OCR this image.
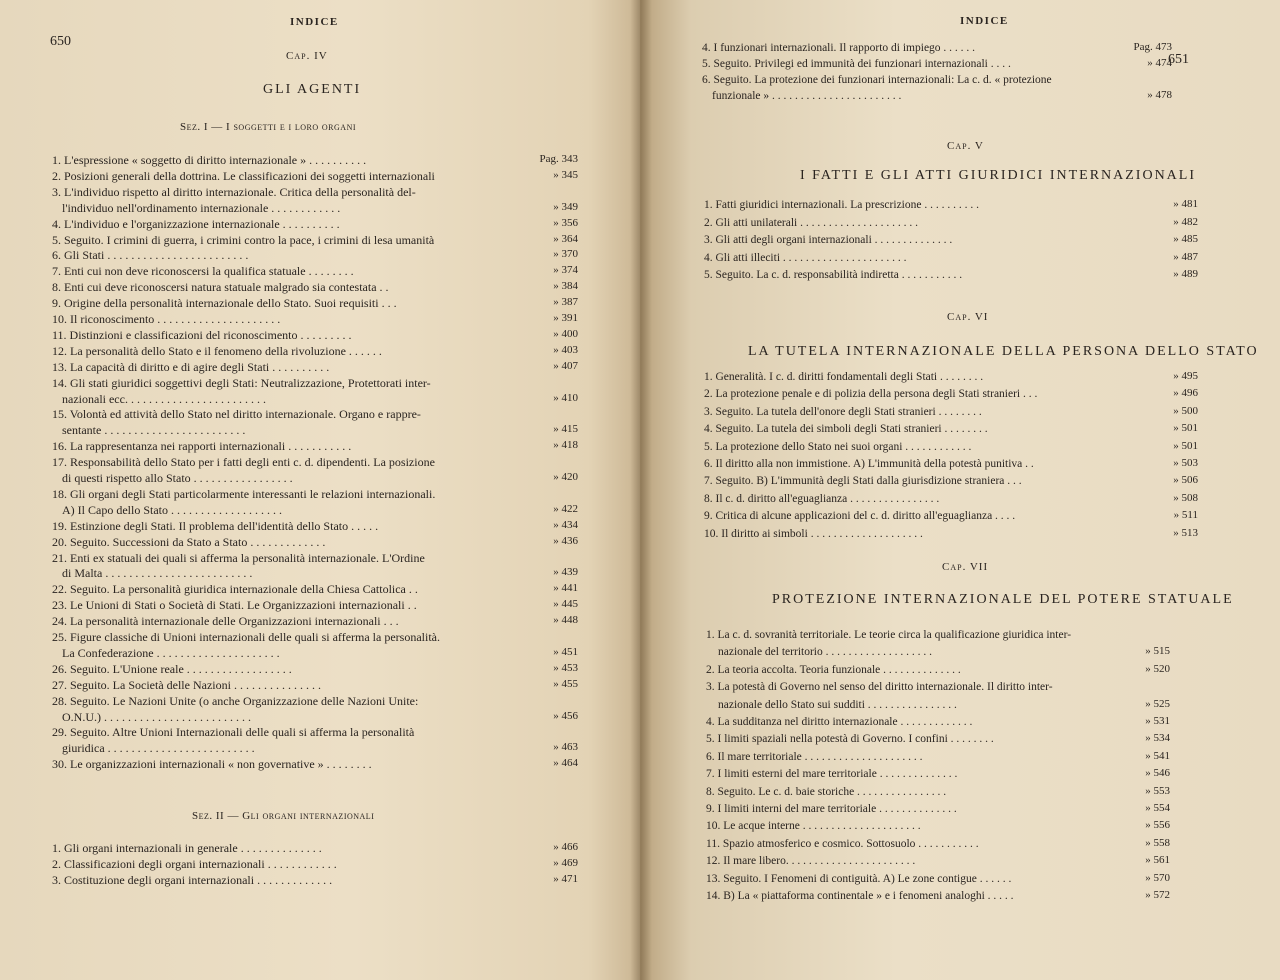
INDICE
650
Cap. IV
GLI AGENTI
Sez. I — I soggetti e i loro organi
1. L'espressione « soggetto di diritto internazionale » . . . . . . . . . .	Pag. 343
2. Posizioni generali della dottrina. Le classificazioni dei soggetti internazionali	» 345
3. L'individuo rispetto al diritto internazionale. Critica della personalità del-
l'individuo nell'ordinamento internazionale . . . . . . . . . . . .	» 349
4. L'individuo e l'organizzazione internazionale . . . . . . . . . .	» 356
5. Seguito. I crimini di guerra, i crimini contro la pace, i crimini di lesa umanità	» 364
6. Gli Stati . . . . . . . . . . . . . . . . . . . . . . . .	» 370
7. Enti cui non deve riconoscersi la qualifica statuale . . . . . . . .	» 374
8. Enti cui deve riconoscersi natura statuale malgrado sia contestata . .	» 384
9. Origine della personalità internazionale dello Stato. Suoi requisiti . . .	» 387
10. Il riconoscimento . . . . . . . . . . . . . . . . . . . . .	» 391
11. Distinzioni e classificazioni del riconoscimento . . . . . . . . .	» 400
12. La personalità dello Stato e il fenomeno della rivoluzione . . . . . .	» 403
13. La capacità di diritto e di agire degli Stati . . . . . . . . . .	» 407
14. Gli stati giuridici soggettivi degli Stati: Neutralizzazione, Protettorati inter-
nazionali ecc. . . . . . . . . . . . . . . . . . . . . . . .	» 410
15. Volontà ed attività dello Stato nel diritto internazionale. Organo e rappre-
sentante . . . . . . . . . . . . . . . . . . . . . . . .	» 415
16. La rappresentanza nei rapporti internazionali . . . . . . . . . . .	» 418
17. Responsabilità dello Stato per i fatti degli enti c. d. dipendenti. La posizione
di questi rispetto allo Stato . . . . . . . . . . . . . . . . .	» 420
18. Gli organi degli Stati particolarmente interessanti le relazioni internazionali.
A) Il Capo dello Stato . . . . . . . . . . . . . . . . . . .	» 422
19. Estinzione degli Stati. Il problema dell'identità dello Stato . . . . .	» 434
20. Seguito. Successioni da Stato a Stato . . . . . . . . . . . . .	» 436
21. Enti ex statuali dei quali si afferma la personalità internazionale. L'Ordine
di Malta . . . . . . . . . . . . . . . . . . . . . . . . .	» 439
22. Seguito. La personalità giuridica internazionale della Chiesa Cattolica . .	» 441
23. Le Unioni di Stati o Società di Stati. Le Organizzazioni internazionali . .	» 445
24. La personalità internazionale delle Organizzazioni internazionali . . .	» 448
25. Figure classiche di Unioni internazionali delle quali si afferma la personalità.
La Confederazione . . . . . . . . . . . . . . . . . . . . .	» 451
26. Seguito. L'Unione reale . . . . . . . . . . . . . . . . . .	» 453
27. Seguito. La Società delle Nazioni . . . . . . . . . . . . . . .	» 455
28. Seguito. Le Nazioni Unite (o anche Organizzazione delle Nazioni Unite:
O.N.U.) . . . . . . . . . . . . . . . . . . . . . . . . .	» 456
29. Seguito. Altre Unioni Internazionali delle quali si afferma la personalità
giuridica . . . . . . . . . . . . . . . . . . . . . . . . .	» 463
30. Le organizzazioni internazionali « non governative » . . . . . . . .	» 464
Sez. II — Gli organi internazionali
1. Gli organi internazionali in generale . . . . . . . . . . . . . .	» 466
2. Classificazioni degli organi internazionali . . . . . . . . . . . .	» 469
3. Costituzione degli organi internazionali . . . . . . . . . . . . .	» 471
INDICE
651
4. I funzionari internazionali. Il rapporto di impiego . . . . . .	Pag. 473
5. Seguito. Privilegi ed immunità dei funzionari internazionali . . . .	» 474
6. Seguito. La protezione dei funzionari internazionali: La c. d. « protezione
funzionale » . . . . . . . . . . . . . . . . . . . . . . .	» 478
Cap. V
I FATTI E GLI ATTI GIURIDICI INTERNAZIONALI
1. Fatti giuridici internazionali. La prescrizione . . . . . . . . . .	» 481
2. Gli atti unilaterali . . . . . . . . . . . . . . . . . . . . .	» 482
3. Gli atti degli organi internazionali . . . . . . . . . . . . . .	» 485
4. Gli atti illeciti . . . . . . . . . . . . . . . . . . . . . .	» 487
5. Seguito. La c. d. responsabilità indiretta . . . . . . . . . . .	» 489
Cap. VI
LA TUTELA INTERNAZIONALE DELLA PERSONA DELLO STATO
1. Generalità. I c. d. diritti fondamentali degli Stati . . . . . . . .	» 495
2. La protezione penale e di polizia della persona degli Stati stranieri . . .	» 496
3. Seguito. La tutela dell'onore degli Stati stranieri . . . . . . . .	» 500
4. Seguito. La tutela dei simboli degli Stati stranieri . . . . . . . .	» 501
5. La protezione dello Stato nei suoi organi . . . . . . . . . . . .	» 501
6. Il diritto alla non immistione. A) L'immunità della potestà punitiva . .	» 503
7. Seguito. B) L'immunità degli Stati dalla giurisdizione straniera . . .	» 506
8. Il c. d. diritto all'eguaglianza . . . . . . . . . . . . . . . .	» 508
9. Critica di alcune applicazioni del c. d. diritto all'eguaglianza . . . .	» 511
10. Il diritto ai simboli . . . . . . . . . . . . . . . . . . . .	» 513
Cap. VII
PROTEZIONE INTERNAZIONALE DEL POTERE STATUALE
1. La c. d. sovranità territoriale. Le teorie circa la qualificazione giuridica inter-
nazionale del territorio . . . . . . . . . . . . . . . . . . .	» 515
2. La teoria accolta. Teoria funzionale . . . . . . . . . . . . . .	» 520
3. La potestà di Governo nel senso del diritto internazionale. Il diritto inter-
nazionale dello Stato sui sudditi . . . . . . . . . . . . . . . .	» 525
4. La sudditanza nel diritto internazionale . . . . . . . . . . . . .	» 531
5. I limiti spaziali nella potestà di Governo. I confini . . . . . . . .	» 534
6. Il mare territoriale . . . . . . . . . . . . . . . . . . . . .	» 541
7. I limiti esterni del mare territoriale . . . . . . . . . . . . . .	» 546
8. Seguito. Le c. d. baie storiche . . . . . . . . . . . . . . . .	» 553
9. I limiti interni del mare territoriale . . . . . . . . . . . . . .	» 554
10. Le acque interne . . . . . . . . . . . . . . . . . . . . .	» 556
11. Spazio atmosferico e cosmico. Sottosuolo . . . . . . . . . . .	» 558
12. Il mare libero. . . . . . . . . . . . . . . . . . . . . . .	» 561
13. Seguito. I Fenomeni di contiguità. A) Le zone contigue . . . . . .	» 570
14. B) La « piattaforma continentale » e i fenomeni analoghi . . . . .	» 572
